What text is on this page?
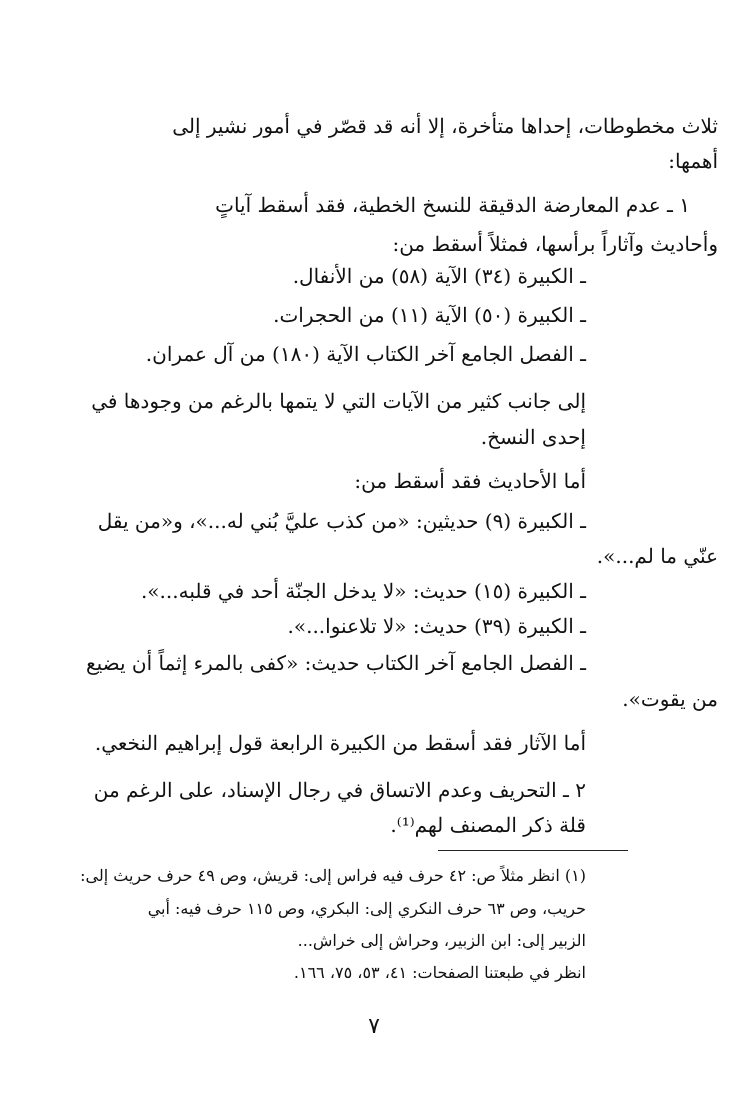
ثلاث مخطوطات، إحداها متأخرة، إلا أنه قد قصّر في أمور نشير إلى
أهمها:
١ ـ عدم المعارضة الدقيقة للنسخ الخطية، فقد أسقط آياتٍ
وأحاديث وآثاراً برأسها، فمثلاً أسقط من:
ـ الكبيرة (٣٤) الآية (٥٨) من الأنفال.
ـ الكبيرة (٥٠) الآية (١١) من الحجرات.
ـ الفصل الجامع آخر الكتاب الآية (١٨٠) من آل عمران.
إلى جانب كثير من الآيات التي لا يتمها بالرغم من وجودها في
إحدى النسخ.
أما الأحاديث فقد أسقط من:
ـ الكبيرة (٩) حديثين: «من كذب عليَّ بُني له...»، و«من يقل
عنّي ما لم...».
ـ الكبيرة (١٥) حديث: «لا يدخل الجنّة أحد في قلبه...».
ـ الكبيرة (٣٩) حديث: «لا تلاعنوا...».
ـ الفصل الجامع آخر الكتاب حديث: «كفى بالمرء إثماً أن يضيع
من يقوت».
أما الآثار فقد أسقط من الكبيرة الرابعة قول إبراهيم النخعي.
٢ ـ التحريف وعدم الاتساق في رجال الإسناد، على الرغم من
قلة ذكر المصنف لهم⁽¹⁾.
(١) انظر مثلاً ص: ٤٢ حرف فيه فراس إلى: قريش، وص ٤٩ حرف حريث إلى:
حريب، وص ٦٣ حرف النكري إلى: البكري، وص ١١٥ حرف فيه: أبي
الزبير إلى: ابن الزبير، وحراش إلى خراش...
انظر في طبعتنا الصفحات: ٤١، ٥٣، ٧٥، ١٦٦.
٧
